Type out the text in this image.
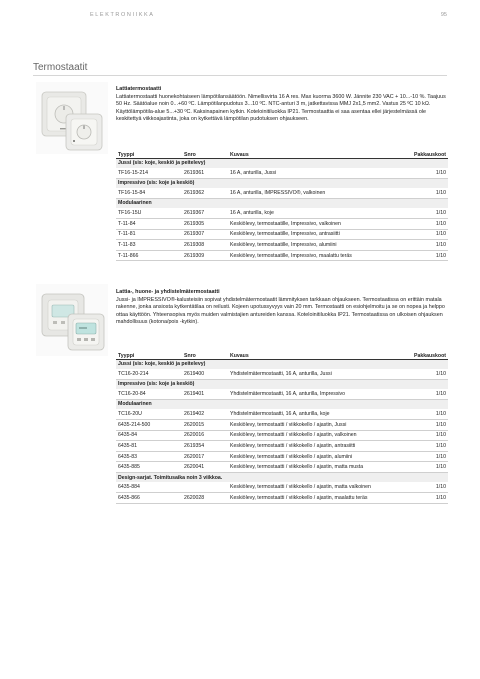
ELEKTRONIIKKA	95
Termostaatit
Lattiatermostaatti
Lattiatermostaatti huonekohtaiseen lämpötilansäätöön. Nimellisvirta 16 A res. Max kuorma 3600 W. Jännite 230 VAC + 10...-10 %. Taajuus 50 Hz. Säätöalue noin 0...+60 ºC. Lämpötilanpudotus 3...10 ºC. NTC-anturi 3 m, jatkettavissa MMJ 2x1,5 mm2. Vastus 25 ºC 10 kΩ. Käyttölämpötila-alue 5...+30 ºC. Kaksinapainen kytkin. Koteloinitiluokka IP21. Termostaattia ei saa asentaa ellei järjestelmässä ole keskitettyä viikkoajastinta, joka on kytkettävä lämpötilan pudotuksen ohjaukseen.
Tyyppi	Snro	Kuvaus	Pakkauskoot
Jussi (sis: koje, keskiö ja peitelevy)			
TF16-15-214	2619361	16 A, anturilla, Jussi	1/10
Impressivo (sis: koje ja keskiö)			
TF16-15-84	2619362	16 A, anturilla, IMPRESSIVO®, valkoinen	1/10
Modulaarinen			
TF16-15U	2619367	16 A, anturilla, koje	1/10
T-11-84	2619305	Keskiölevy, termostaatille, Impressivo, valkoinen	1/10
T-11-81	2619307	Keskiölevy, termostaatille, Impressivo, antrasiitti	1/10
T-11-83	2619308	Keskiölevy, termostaatille, Impressivo, alumiini	1/10
T-11-866	2619309	Keskiölevy, termostaatille, Impressivo, maalattu teräs	1/10
Lattia-, huone- ja yhdistelmätermostaatti
Jussi- ja IMPRESSIVO®-kalusteisiin sopivat yhdistelmätermostaatit lämmityksen tarkkaan ohjaukseen. Termostaatissa on erittäin matala rakenne, jonka ansiosta kytkentätilaa on reilusti. Kojeen upotussyvyys vain 20 mm. Termostaatti on esiohjelmoitu ja se on nopea ja helppo ottaa käyttöön. Yhteensopiva myös muiden valmistajien antureiden kanssa. Koteloinitiluokka IP21. Termostaatissa on ulkoisen ohjauksen mahdollisuus (kotona/pois -kytkin).
Tyyppi	Snro	Kuvaus	Pakkauskoot
Jussi (sis: koje, keskiö ja peitelevy)			
TC16-20-214	2619400	Yhdistelmätermostaatti, 16 A, anturilla, Jussi	1/10
Impressivo (sis: koje ja keskiö)			
TC16-20-84	2619401	Yhdistelmätermostaatti, 16 A, anturilla, Impressivo	1/10
Modulaarinen			
TC16-20U	2619402	Yhdistelmätermostaatti, 16 A, anturilla, koje	1/10
6435-214-500	2620015	Keskiölevy, termostaatti / viikkokello / ajastin, Jussi	1/10
6435-84	2620016	Keskiölevy, termostaatti / viikkokello / ajastin, valkoinen	1/10
6435-81	2619354	Keskiölevy, termostaatti / viikkokello / ajastin, antrasiitti	1/10
6435-83	2620017	Keskiölevy, termostaatti / viikkokello / ajastin, alumiini	1/10
6435-885	2620041	Keskiölevy, termostaatti / viikkokello / ajastin, matta musta	1/10
Design-sarjat. Toimitusaika noin 3 viikkoa.			
6435-884		Keskiölevy, termostaatti / viikkokello / ajastin, matta valkoinen	1/10
6435-866	2620028	Keskiölevy, termostaatti / viikkokello / ajastin, maalattu teräs	1/10
